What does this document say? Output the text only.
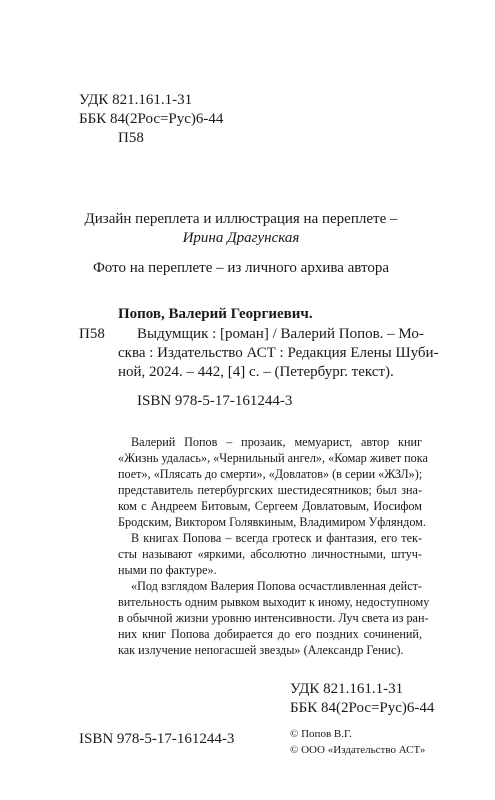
УДК 821.161.1-31
ББК 84(2Рос=Рус)6-44
П58
Дизайн переплета и иллюстрация на переплете –
Ирина Драгунская
Фото на переплете – из личного архива автора
Попов, Валерий Георгиевич.
П58 Выдумщик : [роман] / Валерий Попов. – Мо-
сква : Издательство АСТ : Редакция Елены Шуби-
ной, 2024. – 442, [4] с. – (Петербург. текст).
ISBN 978-5-17-161244-3
Валерий Попов – прозаик, мемуарист, автор книг
«Жизнь удалась», «Чернильный ангел», «Комар живет пока
поет», «Плясать до смерти», «Довлатов» (в серии «ЖЗЛ»);
представитель петербургских шестидесятников; был зна-
ком с Андреем Битовым, Сергеем Довлатовым, Иосифом
Бродским, Виктором Голявкиным, Владимиром Уфляндом.
В книгах Попова – всегда гротеск и фантазия, его тек-
сты называют «яркими, абсолютно личностными, штуч-
ными по фактуре».
«Под взглядом Валерия Попова осчастливленная дейст-
вительность одним рывком выходит к иному, недоступному
в обычной жизни уровню интенсивности. Луч света из ран-
них книг Попова добирается до его поздних сочинений,
как излучение непогасшей звезды» (Александр Генис).
УДК 821.161.1-31
ББК 84(2Рос=Рус)6-44
ISBN 978-5-17-161244-3	© Попов В.Г.
© ООО «Издательство АСТ»
